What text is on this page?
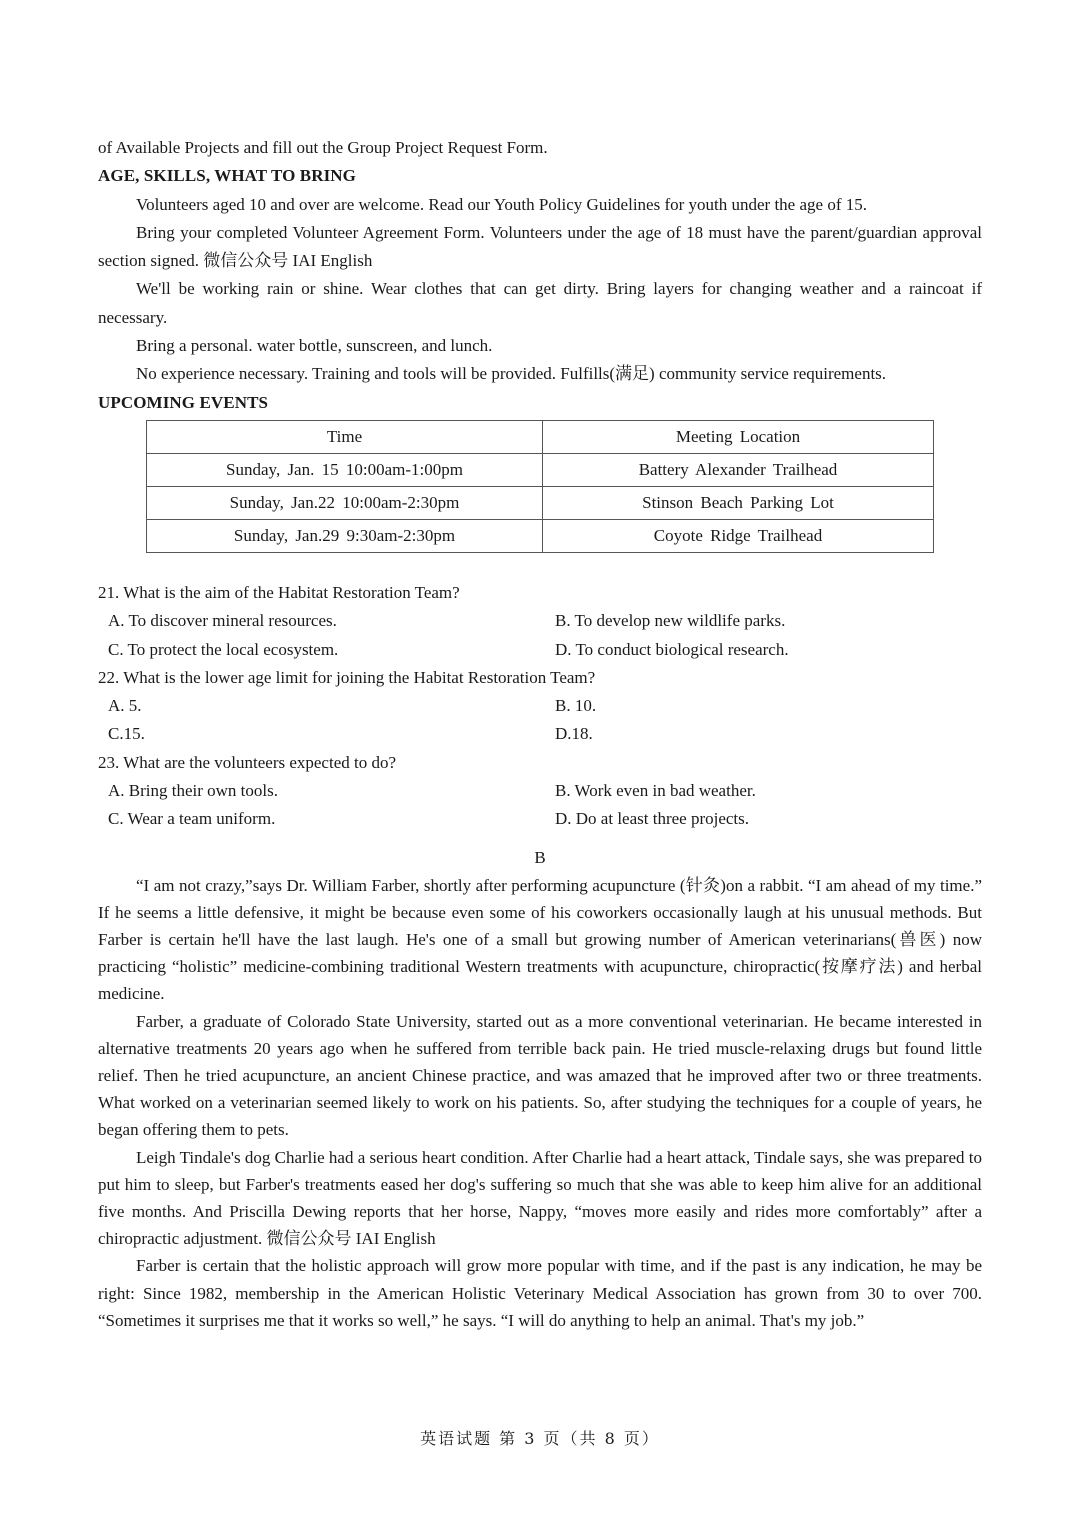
of Available Projects and fill out the Group Project Request Form.

AGE, SKILLS, WHAT TO BRING

Volunteers aged 10 and over are welcome. Read our Youth Policy Guidelines for youth under the age of 15.

Bring your completed Volunteer Agreement Form. Volunteers under the age of 18 must have the parent/guardian approval section signed. 微信公众号 IAI English

We'll be working rain or shine. Wear clothes that can get dirty. Bring layers for changing weather and a raincoat if necessary.

Bring a personal. water bottle, sunscreen, and lunch.

No experience necessary. Training and tools will be provided. Fulfills(满足) community service requirements.

UPCOMING EVENTS

Time	Meeting Location
Sunday, Jan. 15 10:00am-1:00pm	Battery Alexander Trailhead
Sunday, Jan.22 10:00am-2:30pm	Stinson Beach Parking Lot
Sunday, Jan.29 9:30am-2:30pm	Coyote Ridge Trailhead

21. What is the aim of the Habitat Restoration Team?

A. To discover mineral resources.	B. To develop new wildlife parks.
C. To protect the local ecosystem.	D. To conduct biological research.

22. What is the lower age limit for joining the Habitat Restoration Team?

A. 5.	B. 10.
C.15.	D.18.

23. What are the volunteers expected to do?

A. Bring their own tools.	B. Work even in bad weather.
C. Wear a team uniform.	D. Do at least three projects.

B

“I am not crazy,”says Dr. William Farber, shortly after performing acupuncture (针灸)on a rabbit. “I am ahead of my time.” If he seems a little defensive, it might be because even some of his coworkers occasionally laugh at his unusual methods. But Farber is certain he'll have the last laugh. He's one of a small but growing number of American veterinarians(兽医) now practicing “holistic” medicine-combining traditional Western treatments with acupuncture, chiropractic(按摩疗法) and herbal medicine.

Farber, a graduate of Colorado State University, started out as a more conventional veterinarian. He became interested in alternative treatments 20 years ago when he suffered from terrible back pain. He tried muscle-relaxing drugs but found little relief. Then he tried acupuncture, an ancient Chinese practice, and was amazed that he improved after two or three treatments. What worked on a veterinarian seemed likely to work on his patients. So, after studying the techniques for a couple of years, he began offering them to pets.

Leigh Tindale's dog Charlie had a serious heart condition. After Charlie had a heart attack, Tindale says, she was prepared to put him to sleep, but Farber's treatments eased her dog's suffering so much that she was able to keep him alive for an additional five months. And Priscilla Dewing reports that her horse, Nappy, “moves more easily and rides more comfortably” after a chiropractic adjustment. 微信公众号 IAI English

Farber is certain that the holistic approach will grow more popular with time, and if the past is any indication, he may be right: Since 1982, membership in the American Holistic Veterinary Medical Association has grown from 30 to over 700. “Sometimes it surprises me that it works so well,” he says. “I will do anything to help an animal. That's my job.”

英语试题 第 3 页（共 8 页）
